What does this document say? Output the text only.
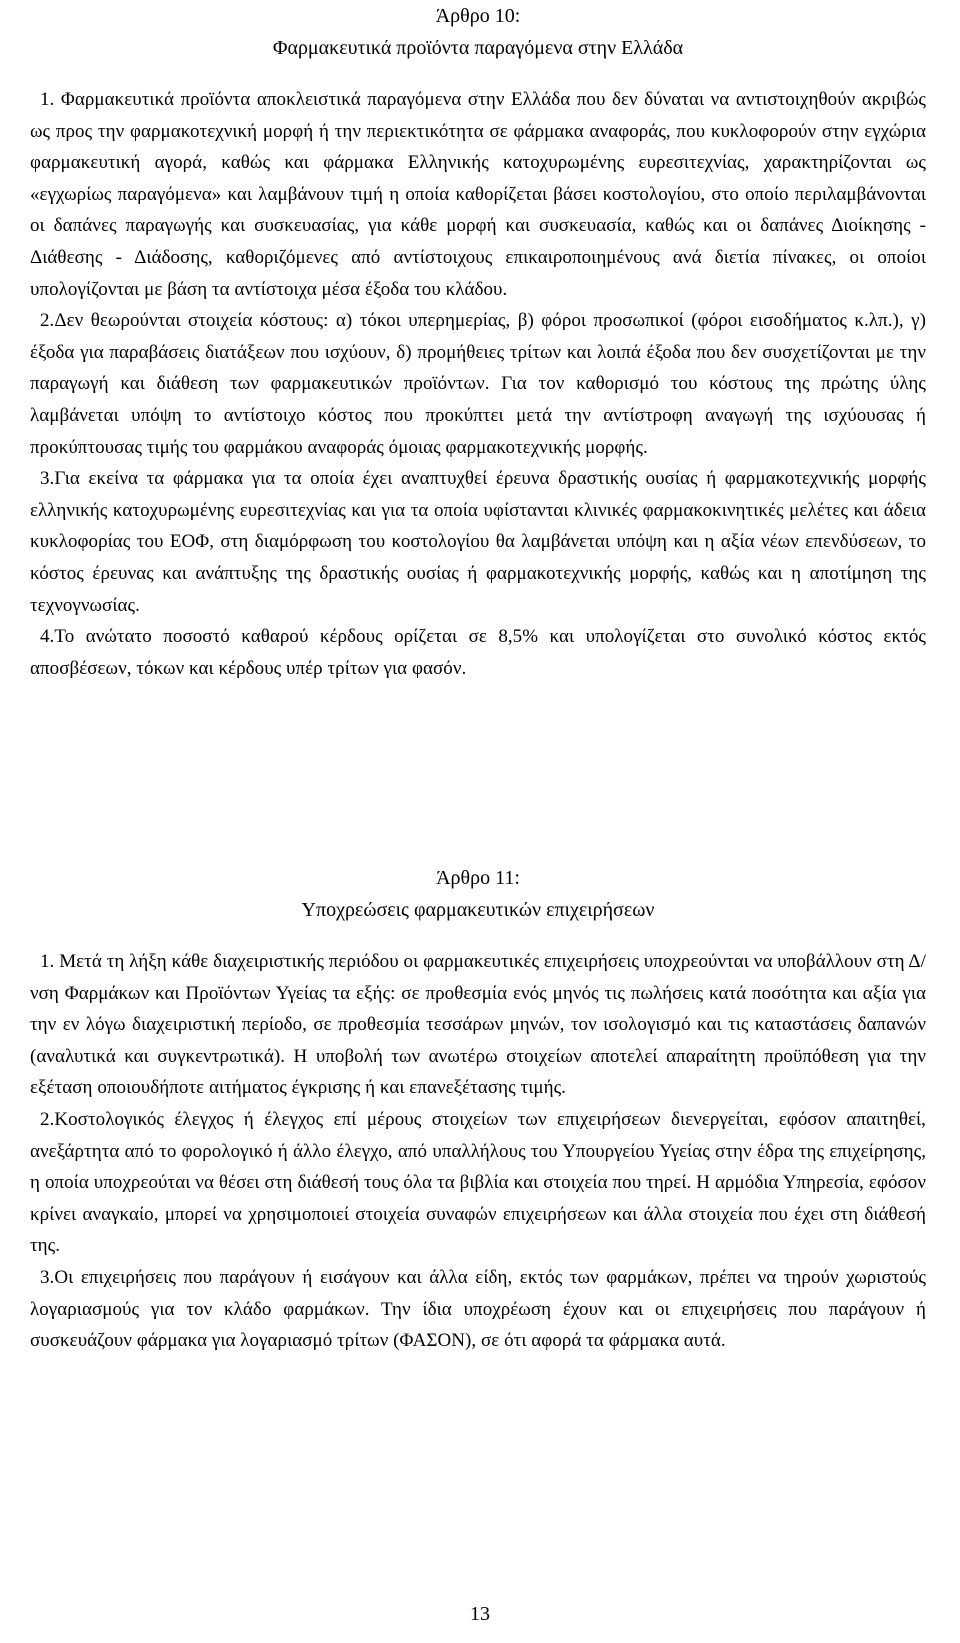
Άρθρο 10:
Φαρμακευτικά προϊόντα παραγόμενα στην Ελλάδα

1. Φαρμακευτικά προϊόντα αποκλειστικά παραγόμενα στην Ελλάδα που δεν δύναται να αντιστοιχηθούν ακριβώς ως προς την φαρμακοτεχνική μορφή ή την περιεκτικότητα σε φάρμακα αναφοράς, που κυκλοφορούν στην εγχώρια φαρμακευτική αγορά, καθώς και φάρμακα Ελληνικής κατοχυρωμένης ευρεσιτεχνίας, χαρακτηρίζονται ως «εγχωρίως παραγόμενα» και λαμβάνουν τιμή η οποία καθορίζεται βάσει κοστολογίου, στο οποίο περιλαμβάνονται οι δαπάνες παραγωγής και συσκευασίας, για κάθε μορφή και συσκευασία, καθώς και οι δαπάνες Διοίκησης - Διάθεσης - Διάδοσης, καθοριζόμενες από αντίστοιχους επικαιροποιημένους ανά διετία πίνακες, οι οποίοι υπολογίζονται με βάση τα αντίστοιχα μέσα έξοδα του κλάδου.

2.Δεν θεωρούνται στοιχεία κόστους: α) τόκοι υπερημερίας, β) φόροι προσωπικοί (φόροι εισοδήματος κ.λπ.), γ) έξοδα για παραβάσεις διατάξεων που ισχύουν, δ) προμήθειες τρίτων και λοιπά έξοδα που δεν συσχετίζονται με την παραγωγή και διάθεση των φαρμακευτικών προϊόντων. Για τον καθορισμό του κόστους της πρώτης ύλης λαμβάνεται υπόψη το αντίστοιχο κόστος που προκύπτει μετά την αντίστροφη αναγωγή της ισχύουσας ή προκύπτουσας τιμής του φαρμάκου αναφοράς όμοιας φαρμακοτεχνικής μορφής.

3.Για εκείνα τα φάρμακα για τα οποία έχει αναπτυχθεί έρευνα δραστικής ουσίας ή φαρμακοτεχνικής μορφής ελληνικής κατοχυρωμένης ευρεσιτεχνίας και για τα οποία υφίστανται κλινικές φαρμακοκινητικές μελέτες και άδεια κυκλοφορίας του ΕΟΦ, στη διαμόρφωση του κοστολογίου θα λαμβάνεται υπόψη και η αξία νέων επενδύσεων, το κόστος έρευνας και ανάπτυξης της δραστικής ουσίας ή φαρμακοτεχνικής μορφής, καθώς και η αποτίμηση της τεχνογνωσίας.

4.Το ανώτατο ποσοστό καθαρού κέρδους ορίζεται σε 8,5% και υπολογίζεται στο συνολικό κόστος εκτός αποσβέσεων, τόκων και κέρδους υπέρ τρίτων για φασόν.

Άρθρο 11:
Υποχρεώσεις φαρμακευτικών επιχειρήσεων

1. Μετά τη λήξη κάθε διαχειριστικής περιόδου οι φαρμακευτικές επιχειρήσεις υποχρεούνται να υποβάλλουν στη Δ/νση Φαρμάκων και Προϊόντων Υγείας τα εξής: σε προθεσμία ενός μηνός τις πωλήσεις κατά ποσότητα και αξία για την εν λόγω διαχειριστική περίοδο, σε προθεσμία τεσσάρων μηνών, τον ισολογισμό και τις καταστάσεις δαπανών (αναλυτικά και συγκεντρωτικά). Η υποβολή των ανωτέρω στοιχείων αποτελεί απαραίτητη προϋπόθεση για την εξέταση οποιουδήποτε αιτήματος έγκρισης ή και επανεξέτασης τιμής.

2.Κοστολογικός έλεγχος ή έλεγχος επί μέρους στοιχείων των επιχειρήσεων διενεργείται, εφόσον απαιτηθεί, ανεξάρτητα από το φορολογικό ή άλλο έλεγχο, από υπαλλήλους του Υπουργείου Υγείας στην έδρα της επιχείρησης, η οποία υποχρεούται να θέσει στη διάθεσή τους όλα τα βιβλία και στοιχεία που τηρεί. Η αρμόδια Υπηρεσία, εφόσον κρίνει αναγκαίο, μπορεί να χρησιμοποιεί στοιχεία συναφών επιχειρήσεων και άλλα στοιχεία που έχει στη διάθεσή της.

3.Οι επιχειρήσεις που παράγουν ή εισάγουν και άλλα είδη, εκτός των φαρμάκων, πρέπει να τηρούν χωριστούς λογαριασμούς για τον κλάδο φαρμάκων. Την ίδια υποχρέωση έχουν και οι επιχειρήσεις που παράγουν ή συσκευάζουν φάρμακα για λογαριασμό τρίτων (ΦΑΣΟΝ), σε ότι αφορά τα φάρμακα αυτά.

13
